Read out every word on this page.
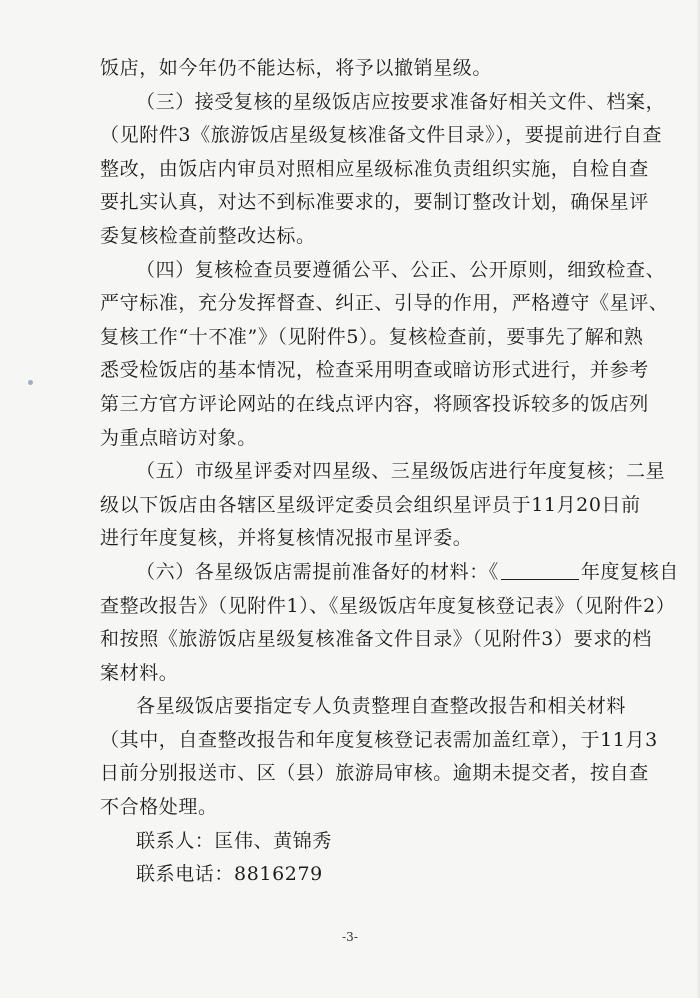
饭店，如今年仍不能达标，将予以撤销星级。
（三）接受复核的星级饭店应按要求准备好相关文件、档案，
（见附件3《旅游饭店星级复核准备文件目录》），要提前进行自查
整改，由饭店内审员对照相应星级标准负责组织实施，自检自查
要扎实认真，对达不到标准要求的，要制订整改计划，确保星评
委复核检查前整改达标。
（四）复核检查员要遵循公平、公正、公开原则，细致检查、
严守标准，充分发挥督查、纠正、引导的作用，严格遵守《星评、
复核工作“十不准”》（见附件5）。复核检查前，要事先了解和熟
悉受检饭店的基本情况，检查采用明查或暗访形式进行，并参考
第三方官方评论网站的在线点评内容，将顾客投诉较多的饭店列
为重点暗访对象。
（五）市级星评委对四星级、三星级饭店进行年度复核；二星
级以下饭店由各辖区星级评定委员会组织星评员于11月20日前
进行年度复核，并将复核情况报市星评委。
（六）各星级饭店需提前准备好的材料：《	年度复核自
查整改报告》（见附件1）、《星级饭店年度复核登记表》（见附件2）
和按照《旅游饭店星级复核准备文件目录》（见附件3）要求的档
案材料。
各星级饭店要指定专人负责整理自查整改报告和相关材料
（其中，自查整改报告和年度复核登记表需加盖红章），于11月3
日前分别报送市、区（县）旅游局审核。逾期未提交者，按自查
不合格处理。
联系人：匡伟、黄锦秀
联系电话：8816279
-3-
